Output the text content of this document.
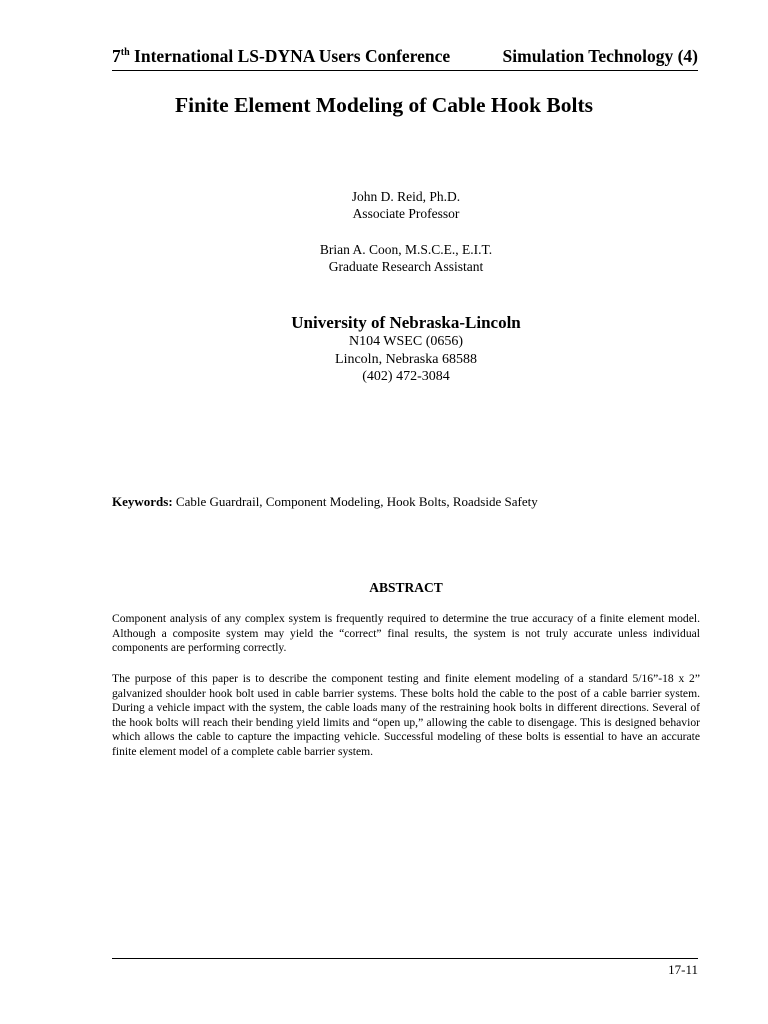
7th International LS-DYNA Users Conference	Simulation Technology (4)
Finite Element Modeling of Cable Hook Bolts
John D. Reid, Ph.D.
Associate Professor
Brian A. Coon, M.S.C.E., E.I.T.
Graduate Research Assistant
University of Nebraska-Lincoln
N104 WSEC (0656)
Lincoln, Nebraska 68588
(402) 472-3084
Keywords: Cable Guardrail, Component Modeling, Hook Bolts, Roadside Safety
ABSTRACT
Component analysis of any complex system is frequently required to determine the true accuracy of a finite element model. Although a composite system may yield the “correct” final results, the system is not truly accurate unless individual components are performing correctly.
The purpose of this paper is to describe the component testing and finite element modeling of a standard 5/16”-18 x 2” galvanized shoulder hook bolt used in cable barrier systems. These bolts hold the cable to the post of a cable barrier system. During a vehicle impact with the system, the cable loads many of the restraining hook bolts in different directions. Several of the hook bolts will reach their bending yield limits and “open up,” allowing the cable to disengage. This is designed behavior which allows the cable to capture the impacting vehicle. Successful modeling of these bolts is essential to have an accurate finite element model of a complete cable barrier system.
17-11
